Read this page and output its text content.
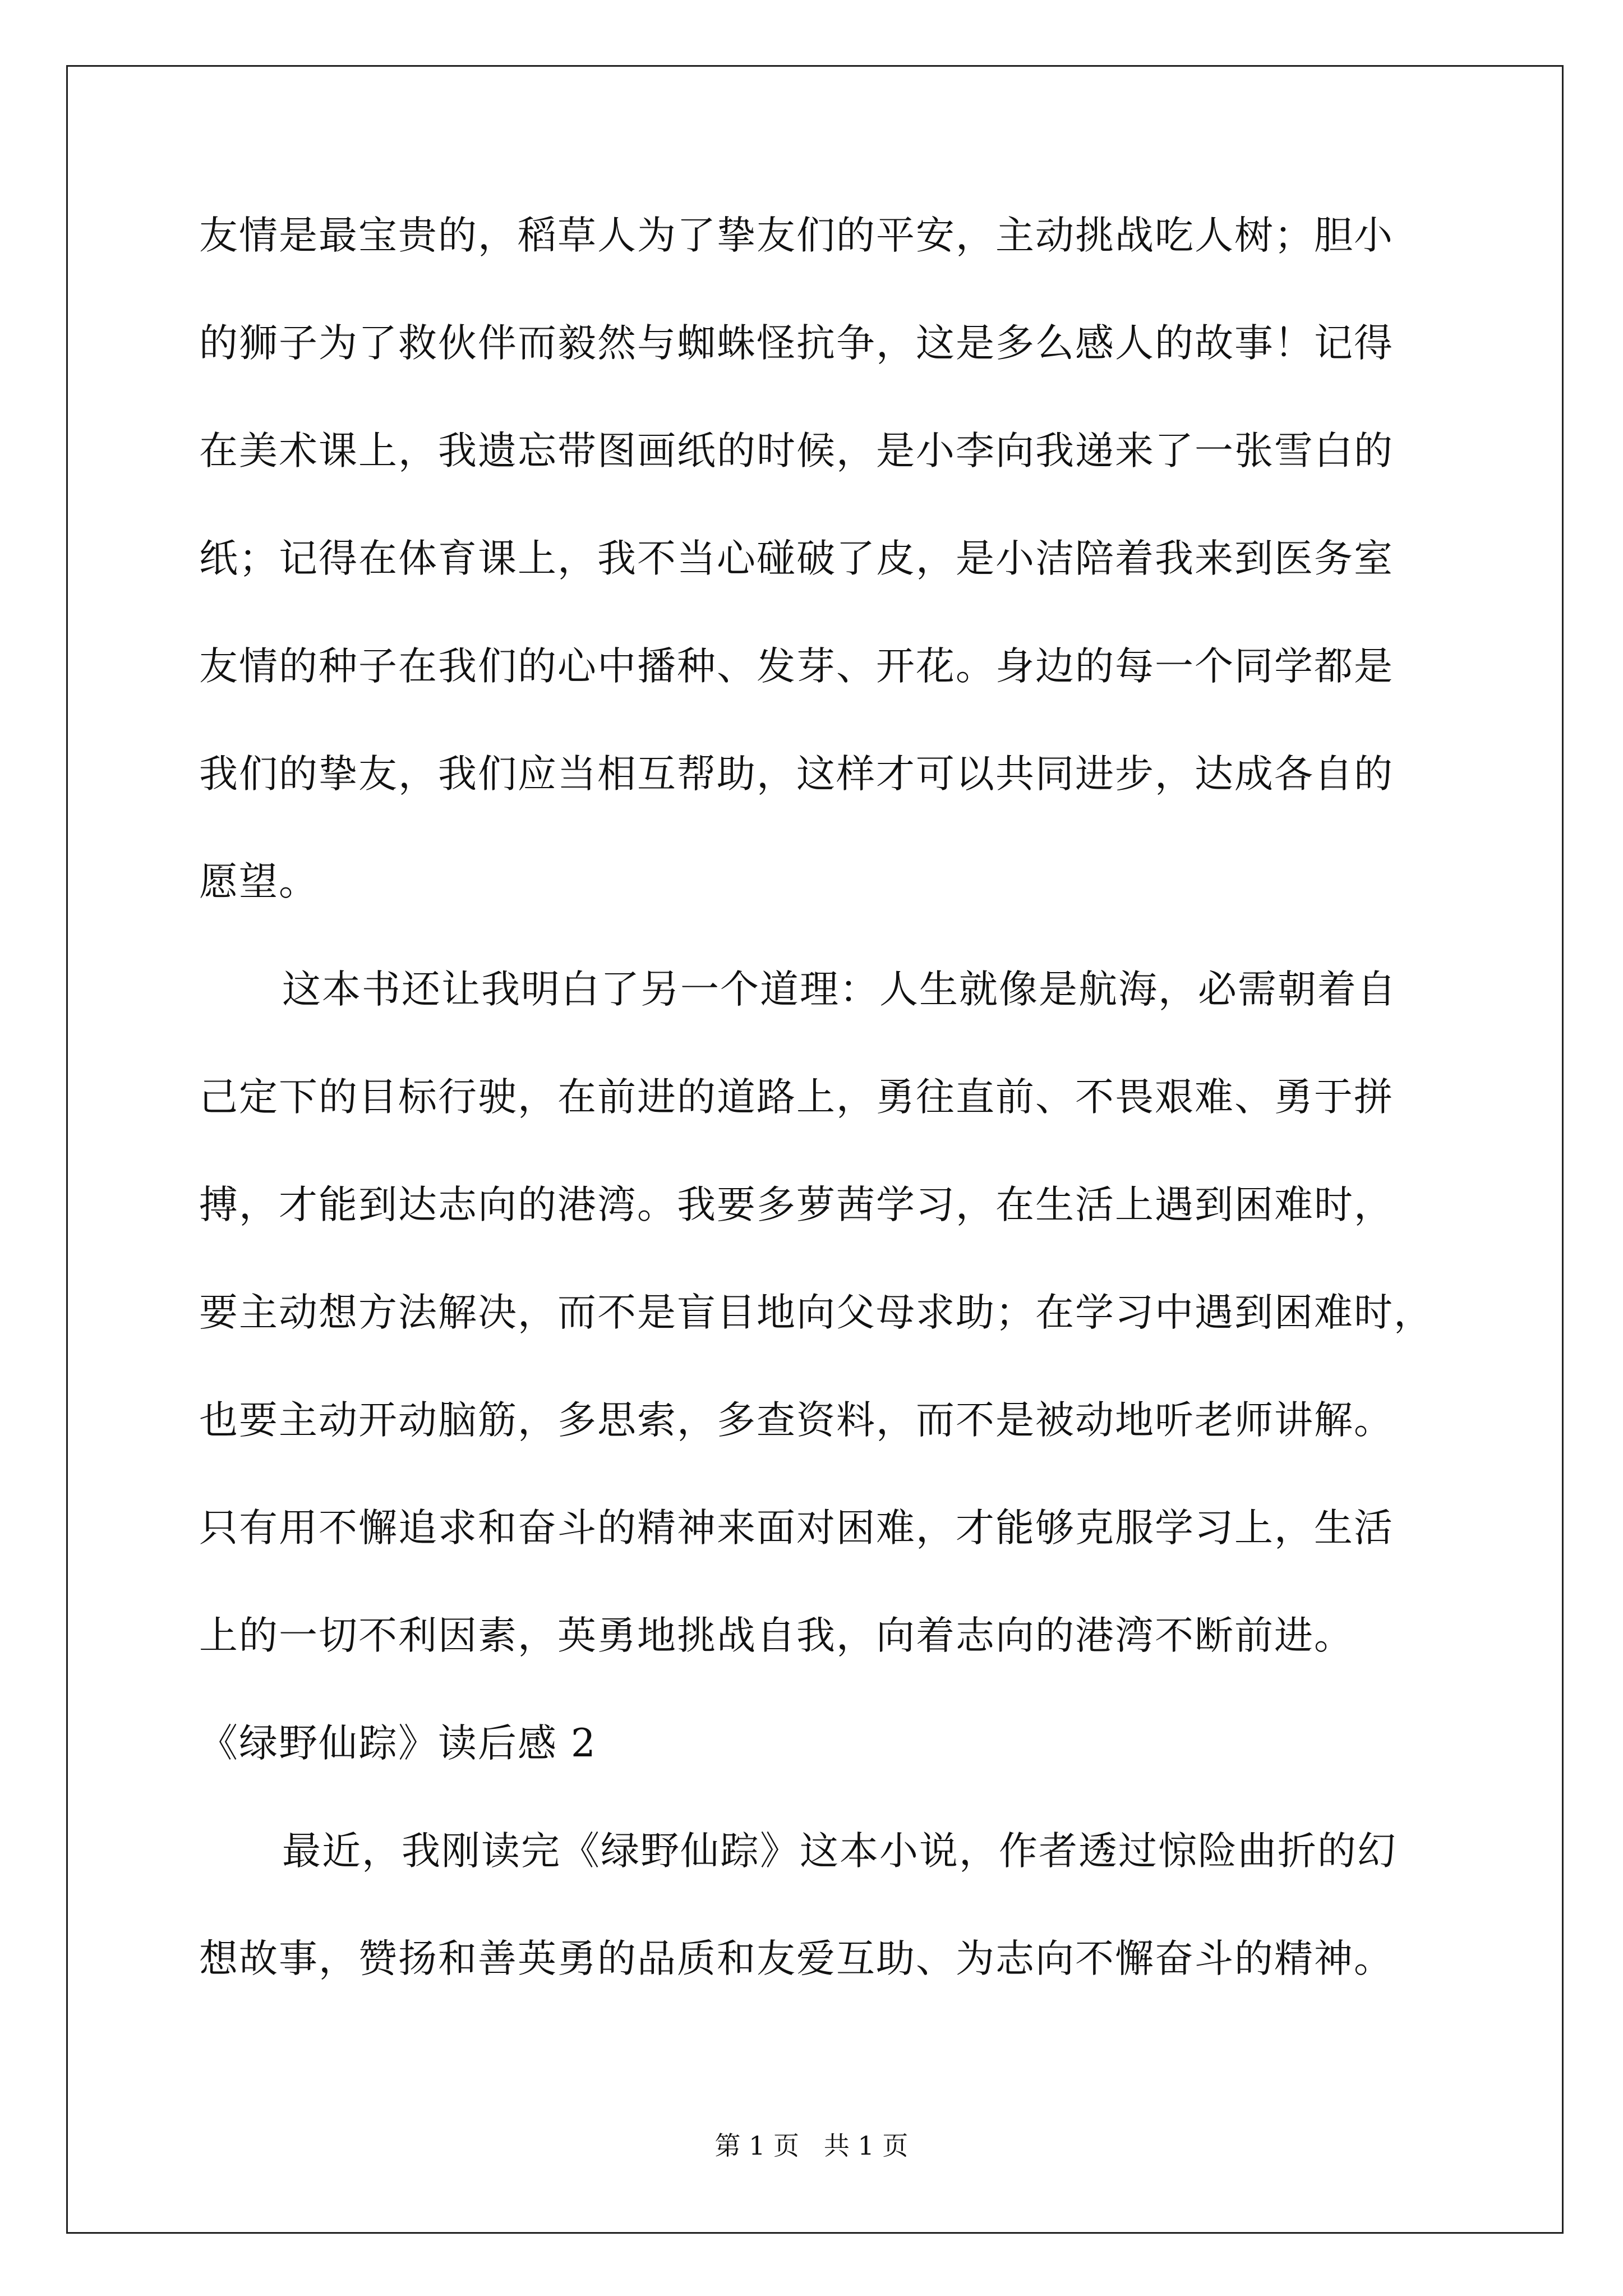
友情是最宝贵的，稻草人为了挚友们的平安，主动挑战吃人树；胆小
的狮子为了救伙伴而毅然与蜘蛛怪抗争，这是多么感人的故事！记得
在美术课上，我遗忘带图画纸的时候，是小李向我递来了一张雪白的
纸；记得在体育课上，我不当心碰破了皮，是小洁陪着我来到医务室
友情的种子在我们的心中播种、发芽、开花。身边的每一个同学都是
我们的挚友，我们应当相互帮助，这样才可以共同进步，达成各自的
愿望。
这本书还让我明白了另一个道理：人生就像是航海，必需朝着自
己定下的目标行驶，在前进的道路上，勇往直前、不畏艰难、勇于拼
搏，才能到达志向的港湾。我要多萝茜学习，在生活上遇到困难时，
要主动想方法解决，而不是盲目地向父母求助；在学习中遇到困难时，
也要主动开动脑筋，多思索，多查资料，而不是被动地听老师讲解。
只有用不懈追求和奋斗的精神来面对困难，才能够克服学习上，生活
上的一切不利因素，英勇地挑战自我，向着志向的港湾不断前进。
《绿野仙踪》读后感 2
最近，我刚读完《绿野仙踪》这本小说，作者透过惊险曲折的幻
想故事，赞扬和善英勇的品质和友爱互助、为志向不懈奋斗的精神。
第 1 页   共 1 页
